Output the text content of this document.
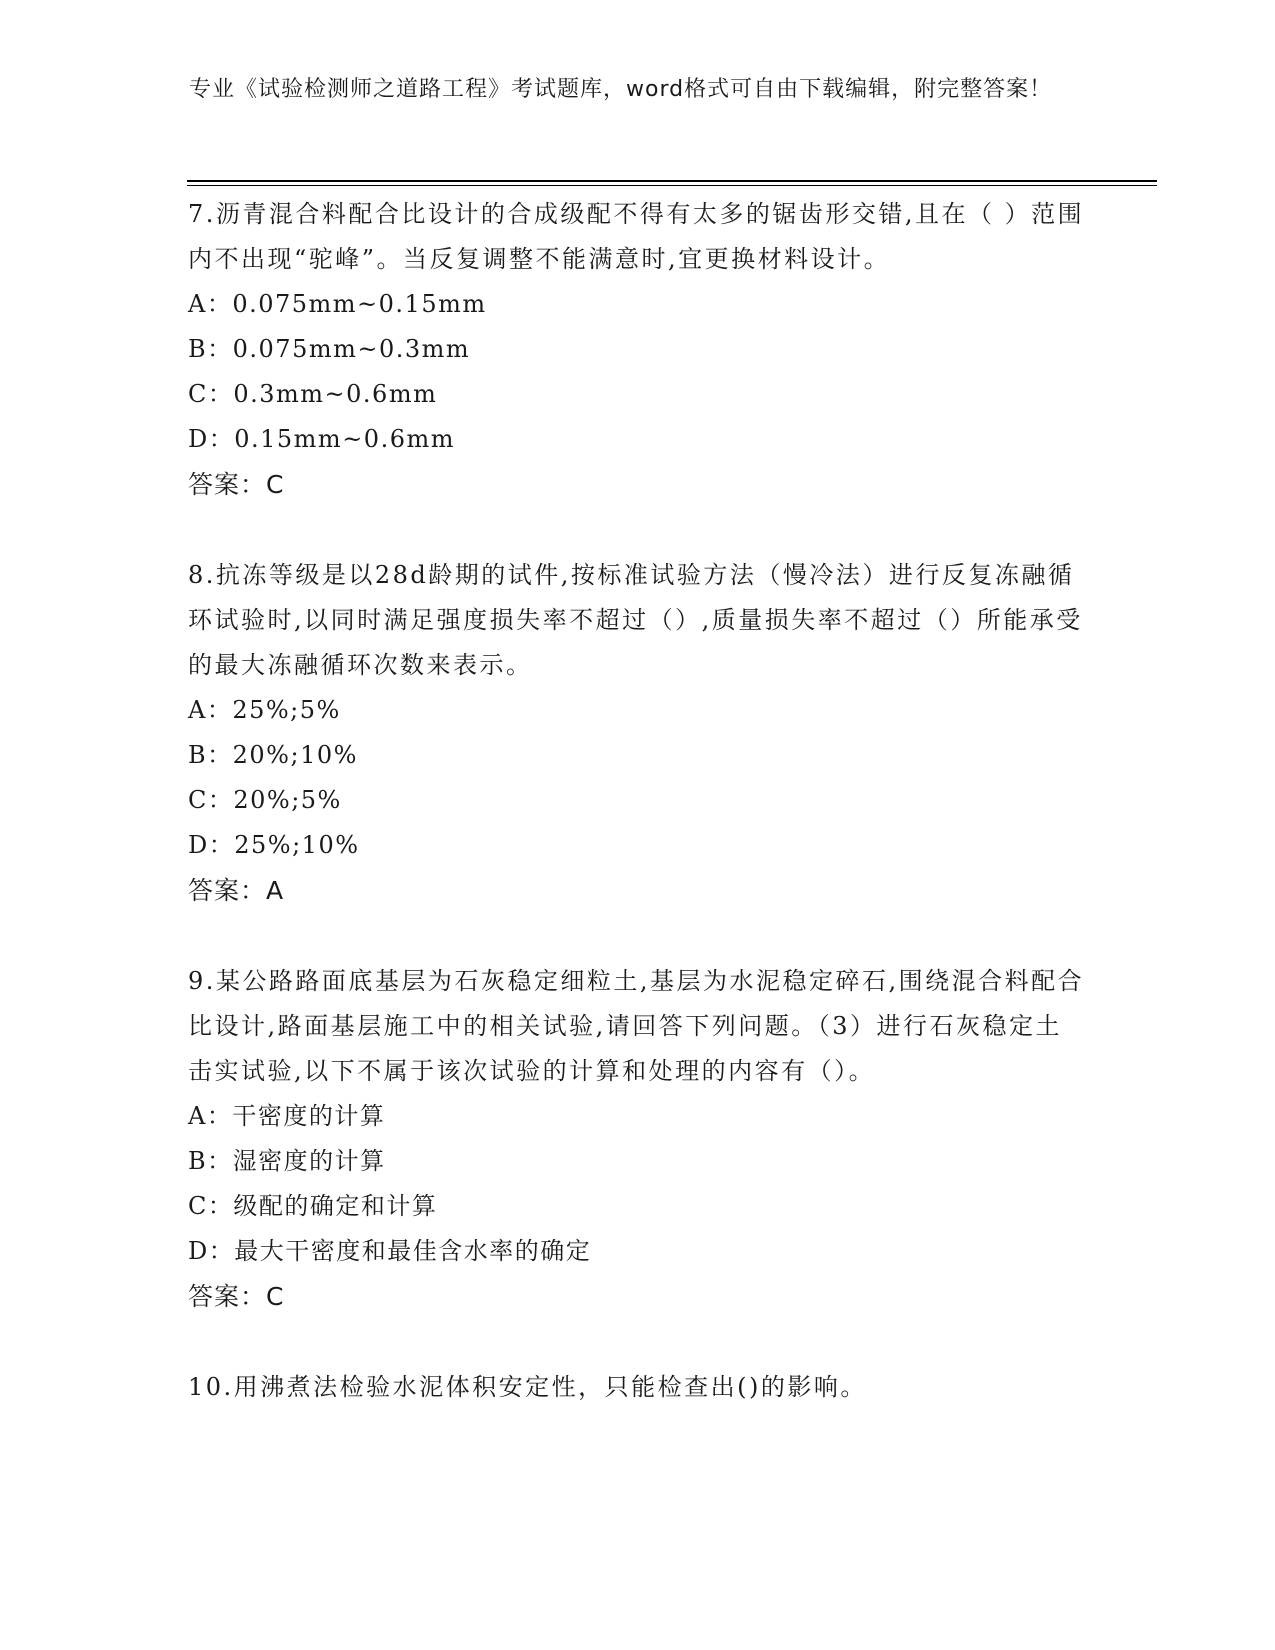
专业《试验检测师之道路工程》考试题库，word格式可自由下载编辑，附完整答案！

7.沥青混合料配合比设计的合成级配不得有太多的锯齿形交错,且在（ ）范围内不出现“驼峰”。当反复调整不能满意时,宜更换材料设计。

A：0.075mm~0.15mm

B：0.075mm~0.3mm

C：0.3mm~0.6mm

D：0.15mm~0.6mm

答案：C

8.抗冻等级是以28d龄期的试件,按标准试验方法（慢冷法）进行反复冻融循环试验时,以同时满足强度损失率不超过（）,质量损失率不超过（）所能承受的最大冻融循环次数来表示。

A：25%;5%

B：20%;10%

C：20%;5%

D：25%;10%

答案：A

9.某公路路面底基层为石灰稳定细粒土,基层为水泥稳定碎石,围绕混合料配合比设计,路面基层施工中的相关试验,请回答下列问题。（3）进行石灰稳定土击实试验,以下不属于该次试验的计算和处理的内容有（）。

A：干密度的计算

B：湿密度的计算

C：级配的确定和计算

D：最大干密度和最佳含水率的确定

答案：C

10.用沸煮法检验水泥体积安定性，只能检查出()的影响。
